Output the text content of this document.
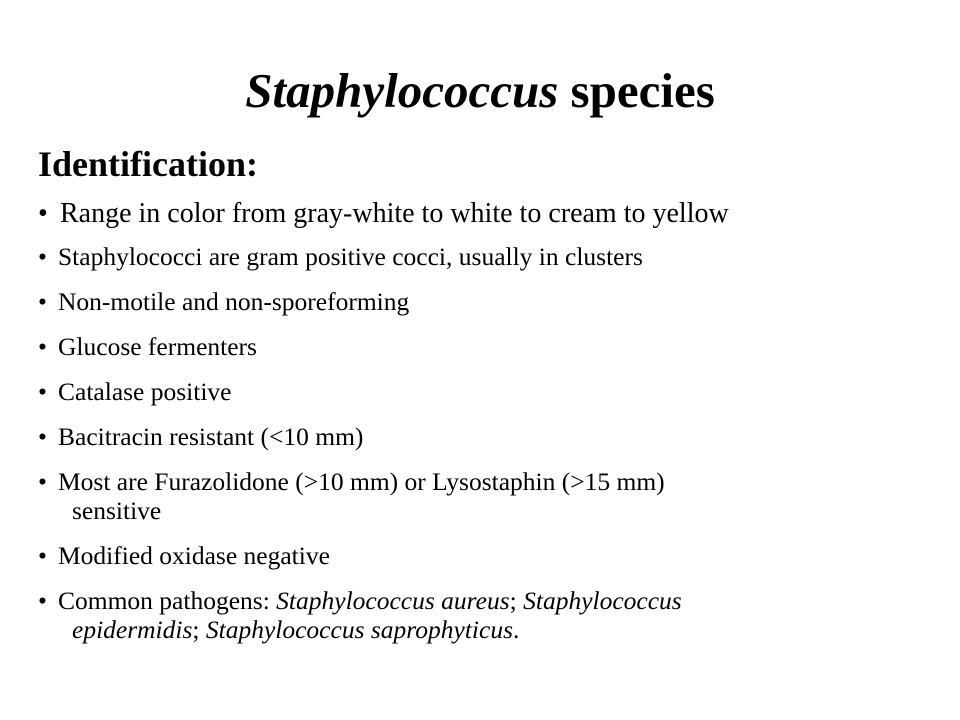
Staphylococcus species
Identification:
• Range in color from gray-white to white to cream to yellow
• Staphylococci are gram positive cocci, usually in clusters
• Non-motile and non-sporeforming
• Glucose fermenters
• Catalase positive
• Bacitracin resistant (<10 mm)
• Most are Furazolidone (>10 mm) or Lysostaphin (>15 mm)
sensitive
• Modified oxidase negative
• Common pathogens: Staphylococcus aureus; Staphylococcus
epidermidis; Staphylococcus saprophyticus.
